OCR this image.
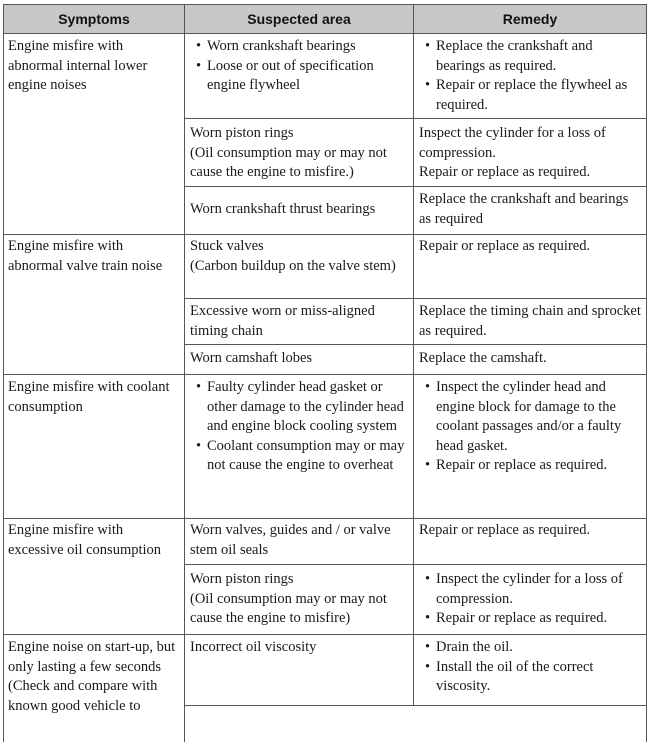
Symptoms	Suspected area	Remedy
Engine misfire with abnormal internal lower engine noises
• Worn crankshaft bearings
• Loose or out of specification engine flywheel
• Replace the crankshaft and bearings as required.
• Repair or replace the flywheel as required.
Worn piston rings
(Oil consumption may or may not cause the engine to misfire.)
Inspect the cylinder for a loss of compression.
Repair or replace as required.
Worn crankshaft thrust bearings
Replace the crankshaft and bearings as required
Engine misfire with abnormal valve train noise
Stuck valves
(Carbon buildup on the valve stem)
Repair or replace as required.
Excessive worn or miss-aligned timing chain
Replace the timing chain and sprocket as required.
Worn camshaft lobes	Replace the camshaft.
Engine misfire with coolant consumption
• Faulty cylinder head gasket or other damage to the cylinder head and engine block cooling system
• Coolant consumption may or may not cause the engine to overheat
• Inspect the cylinder head and engine block for damage to the coolant passages and/or a faulty head gasket.
• Repair or replace as required.
Engine misfire with excessive oil consumption
Worn valves, guides and / or valve stem oil seals
Repair or replace as required.
Worn piston rings
(Oil consumption may or may not cause the engine to misfire)
• Inspect the cylinder for a loss of compression.
• Repair or replace as required.
Engine noise on start-up, but only lasting a few seconds
(Check and compare with known good vehicle to
Incorrect oil viscosity
•	Drain the oil.
• Install the oil of the correct viscosity.
